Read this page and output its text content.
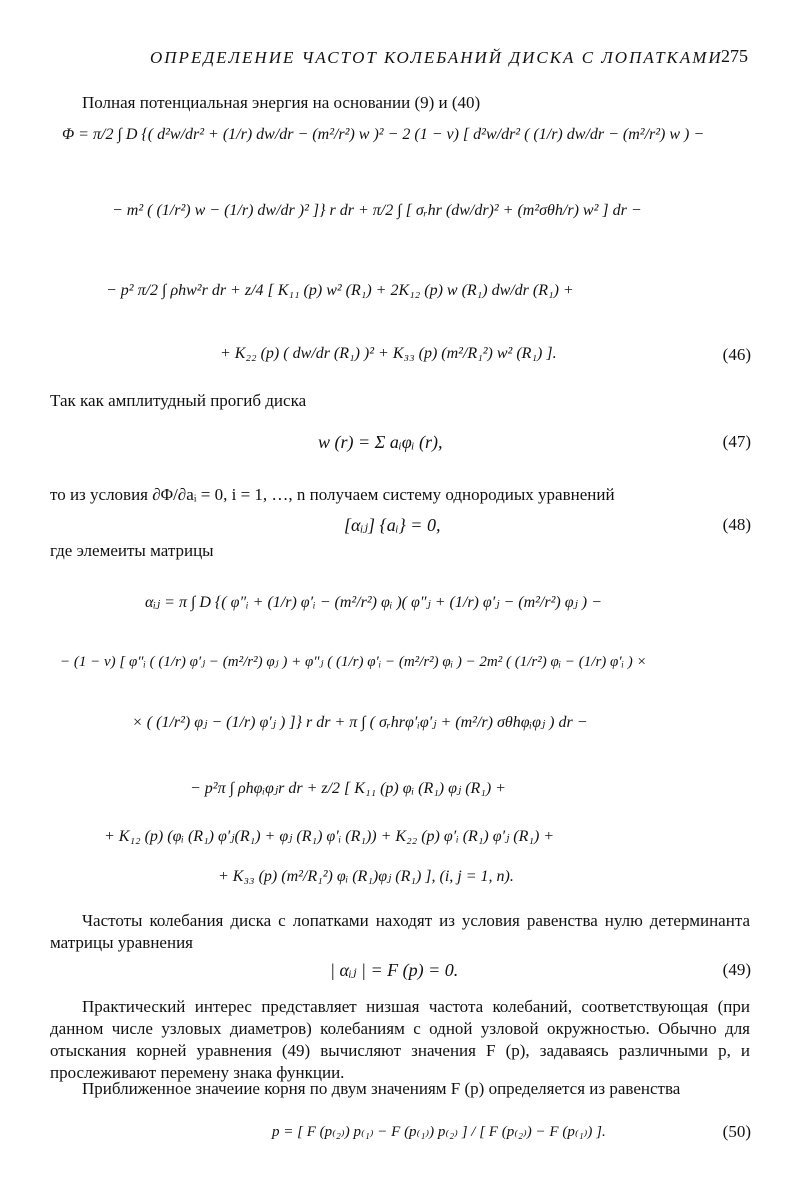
ОПРЕДЕЛЕНИЕ ЧАСТОТ КОЛЕБАНИЙ ДИСКА С ЛОПАТКАМИ
275
Полная потенциальная энергия на основании (9) и (40)
Φ = π/2 ∫ D {( d²w/dr² + (1/r) dw/dr − (m²/r²) w )² − 2 (1 − ν) [ d²w/dr² ( (1/r) dw/dr − (m²/r²) w ) −
− m² ( (1/r²) w − (1/r) dw/dr )² ]} r dr + π/2 ∫ [ σᵣhr (dw/dr)² + (m²σθh/r) w² ] dr −
− p² π/2 ∫ ρhw²r dr + z/4 [ K₁₁ (p) w² (R₁) + 2K₁₂ (p) w (R₁) dw/dr (R₁) +
+ K₂₂ (p) ( dw/dr (R₁) )² + K₃₃ (p) (m²/R₁²) w² (R₁) ].	(46)
Так как амплитудный прогиб диска
w (r) = Σ aᵢφᵢ (r),	(47)
то из условия ∂Φ/∂aᵢ = 0, i = 1, …, n получаем систему однородиых уравнений
[αᵢⱼ] {aᵢ} = 0,	(48)
где элемеиты матрицы
αᵢⱼ = π ∫ D {( φ″ᵢ + (1/r) φ′ᵢ − (m²/r²) φᵢ )( φ″ⱼ + (1/r) φ′ⱼ − (m²/r²) φⱼ ) −
− (1 − ν) [ φ″ᵢ ( (1/r) φ′ⱼ − (m²/r²) φⱼ ) + φ″ⱼ ( (1/r) φ′ᵢ − (m²/r²) φᵢ ) − 2m² ( (1/r²) φᵢ − (1/r) φ′ᵢ ) ×
× ( (1/r²) φⱼ − (1/r) φ′ⱼ ) ]} r dr + π ∫ ( σᵣhrφ′ᵢφ′ⱼ + (m²/r) σθhφᵢφⱼ ) dr −
− p²π ∫ ρhφᵢφⱼr dr + z/2 [ K₁₁ (p) φᵢ (R₁) φⱼ (R₁) +
+ K₁₂ (p) (φᵢ (R₁) φ′ⱼ(R₁) + φⱼ (R₁) φ′ᵢ (R₁)) + K₂₂ (p) φ′ᵢ (R₁) φ′ⱼ (R₁) +
+ K₃₃ (p) (m²/R₁²) φᵢ (R₁)φⱼ (R₁) ], (i, j = 1, n).
Частоты колебания диска с лопатками находят из условия равенства нулю детерминанта матрицы уравнения
| αᵢⱼ | = F (p) = 0.	(49)
Практический интерес представляет низшая частота колебаний, соответствующая (при данном числе узловых диаметров) колебаниям с одной узловой окружностью. Обычно для отыскания корней уравнения (49) вычисляют значения F (p), задаваясь различными p, и прослеживают перемену знака функции.
Приближенное значеиие корня по двум значениям F (p) определяется из равенства
p = [ F (p₍₂₎) p₍₁₎ − F (p₍₁₎) p₍₂₎ ] / [ F (p₍₂₎) − F (p₍₁₎) ].	(50)
